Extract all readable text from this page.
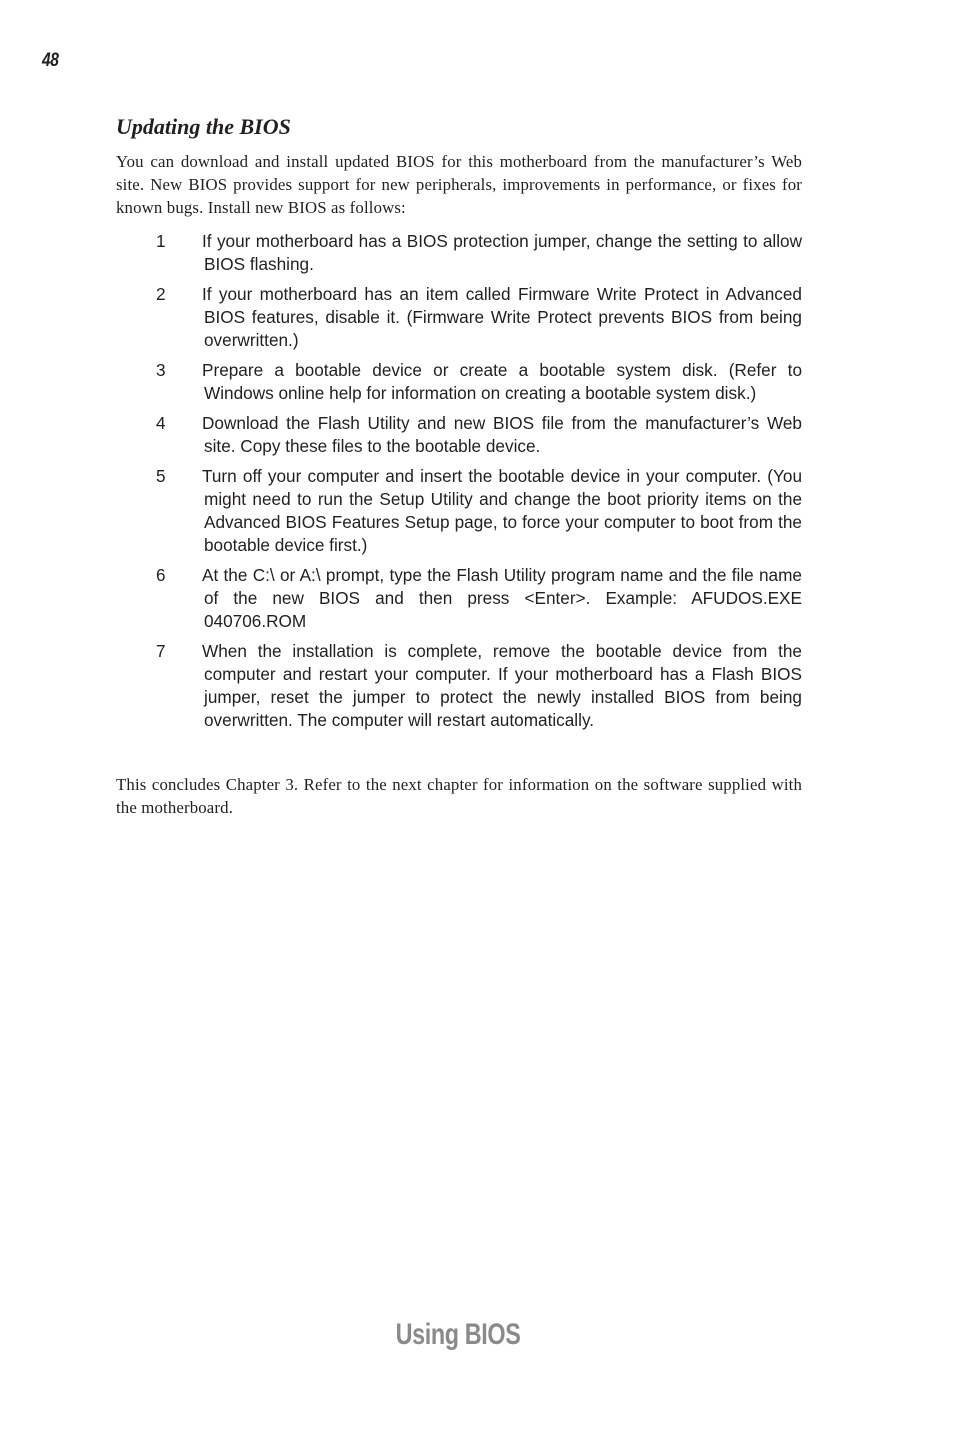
48
Updating the BIOS

You can download and install updated BIOS for this motherboard from the manufacturer’s Web site. New BIOS provides support for new peripherals, improvements in performance, or fixes for known bugs. Install new BIOS as follows:

1 If your motherboard has a BIOS protection jumper, change the setting to allow BIOS flashing.
2 If your motherboard has an item called Firmware Write Protect in Advanced BIOS features, disable it. (Firmware Write Protect prevents BIOS from being overwritten.)
3 Prepare a bootable device or create a bootable system disk. (Refer to Windows online help for information on creating a bootable system disk.)
4 Download the Flash Utility and new BIOS file from the manufacturer’s Web site. Copy these files to the bootable device.
5 Turn off your computer and insert the bootable device in your computer. (You might need to run the Setup Utility and change the boot priority items on the Advanced BIOS Features Setup page, to force your computer to boot from the bootable device first.)
6 At the C:\ or A:\ prompt, type the Flash Utility program name and the file name of the new BIOS and then press <Enter>. Example: AFUDOS.EXE 040706.ROM
7 When the installation is complete, remove the bootable device from the computer and restart your computer. If your motherboard has a Flash BIOS jumper, reset the jumper to protect the newly installed BIOS from being overwritten. The computer will restart automatically.

This concludes Chapter 3. Refer to the next chapter for information on the software supplied with the motherboard.

Using BIOS
